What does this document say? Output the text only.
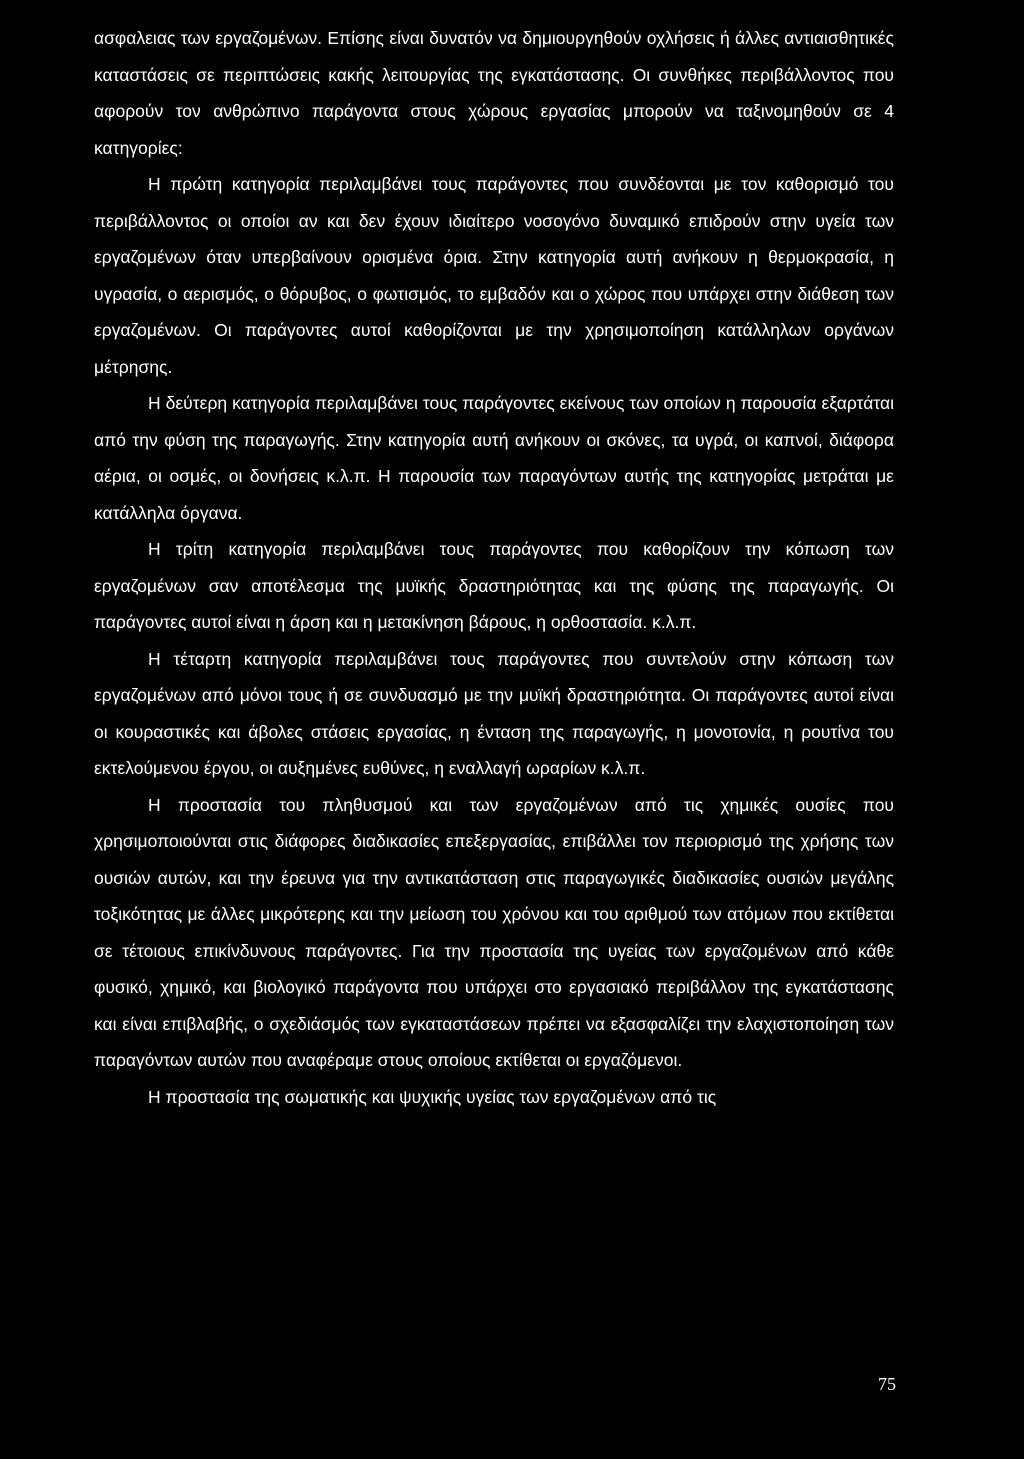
ασφαλειας των εργαζομένων. Επίσης είναι δυνατόν να δημιουργηθούν οχλήσεις ή άλλες αντιαισθητικές καταστάσεις σε περιπτώσεις κακής λειτουργίας της εγκατάστασης. Οι συνθήκες περιβάλλοντος που αφορούν τον ανθρώπινο παράγοντα στους χώρους εργασίας μπορούν να ταξινομηθούν σε 4 κατηγορίες:

Η πρώτη κατηγορία περιλαμβάνει τους παράγοντες που συνδέονται με τον καθορισμό του περιβάλλοντος οι οποίοι αν και δεν έχουν ιδιαίτερο νοσογόνο δυναμικό επιδρούν στην υγεία των εργαζομένων όταν υπερβαίνουν ορισμένα όρια. Στην κατηγορία αυτή ανήκουν η θερμοκρασία, η υγρασία, ο αερισμός, ο θόρυβος, ο φωτισμός, το εμβαδόν και ο χώρος που υπάρχει στην διάθεση των εργαζομένων. Οι παράγοντες αυτοί καθορίζονται με την χρησιμοποίηση κατάλληλων οργάνων μέτρησης.

Η δεύτερη κατηγορία περιλαμβάνει τους παράγοντες εκείνους των οποίων η παρουσία εξαρτάται από την φύση της παραγωγής. Στην κατηγορία αυτή ανήκουν οι σκόνες, τα υγρά, οι καπνοί, διάφορα αέρια, οι οσμές, οι δονήσεις κ.λ.π. Η παρουσία των παραγόντων αυτής της κατηγορίας μετράται με κατάλληλα όργανα.

Η τρίτη κατηγορία περιλαμβάνει τους παράγοντες που καθορίζουν την κόπωση των εργαζομένων σαν αποτέλεσμα της μυϊκής δραστηριότητας και της φύσης της παραγωγής. Οι παράγοντες αυτοί είναι η άρση και η μετακίνηση βάρους, η ορθοστασία. κ.λ.π.

Η τέταρτη κατηγορία περιλαμβάνει τους παράγοντες που συντελούν στην κόπωση των εργαζομένων από μόνοι τους ή σε συνδυασμό με την μυϊκή δραστηριότητα. Οι παράγοντες αυτοί είναι οι κουραστικές και άβολες στάσεις εργασίας, η ένταση της παραγωγής, η μονοτονία, η ρουτίνα του εκτελούμενου έργου, οι αυξημένες ευθύνες, η εναλλαγή ωραρίων κ.λ.π.

Η προστασία του πληθυσμού και των εργαζομένων από τις χημικές ουσίες που χρησιμοποιούνται στις διάφορες διαδικασίες επεξεργασίας, επιβάλλει τον περιορισμό της χρήσης των ουσιών αυτών, και την έρευνα για την αντικατάσταση στις παραγωγικές διαδικασίες ουσιών μεγάλης τοξικότητας με άλλες μικρότερης και την μείωση του χρόνου και του αριθμού των ατόμων που εκτίθεται σε τέτοιους επικίνδυνους παράγοντες. Για την προστασία της υγείας των εργαζομένων από κάθε φυσικό, χημικό, και βιολογικό παράγοντα που υπάρχει στο εργασιακό περιβάλλον της εγκατάστασης και είναι επιβλαβής, ο σχεδιάσμός των εγκαταστάσεων πρέπει να εξασφαλίζει την ελαχιστοποίηση των παραγόντων αυτών που αναφέραμε στους οποίους εκτίθεται οι εργαζόμενοι.

Η προστασία της σωματικής και ψυχικής υγείας των εργαζομένων από τις

75
